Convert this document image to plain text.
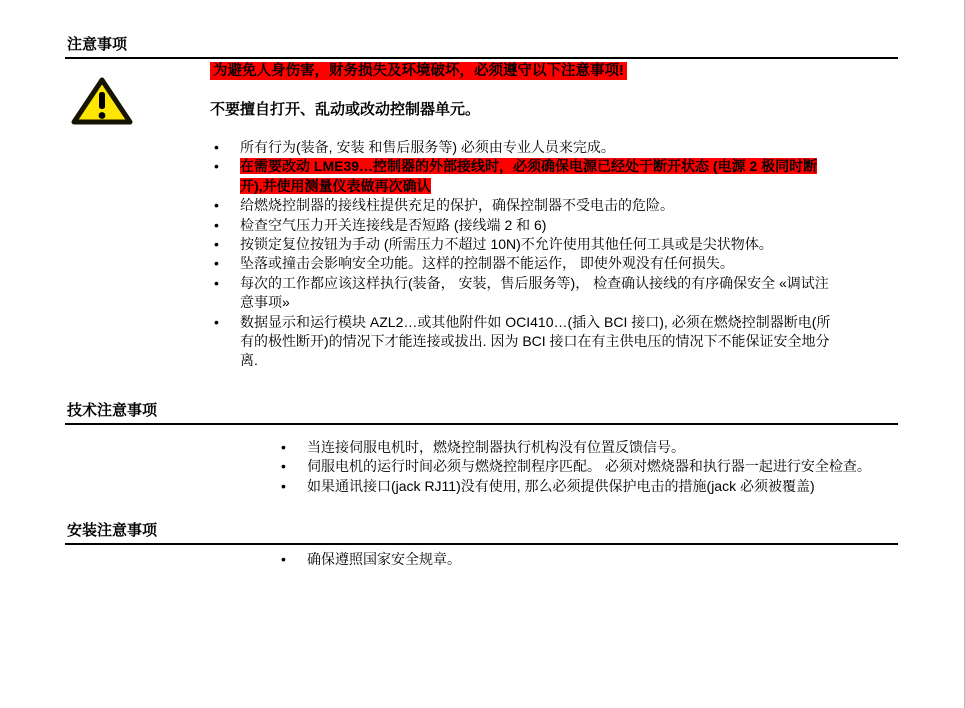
注意事项
为避免人身伤害，财务损失及环境破坏，必须遵守以下注意事项!

不要擅自打开、乱动或改动控制器单元。

• 所有行为(装备, 安装 和售后服务等) 必须由专业人员来完成。
• 在需要改动 LME39…控制器的外部接线时，必须确保电源已经处于断开状态 (电源 2 极同时断开),并使用测量仪表做再次确认
• 给燃烧控制器的接线柱提供充足的保护，确保控制器不受电击的危险。
• 检查空气压力开关连接线是否短路 (接线端 2 和 6)
• 按锁定复位按钮为手动 (所需压力不超过 10N)不允许使用其他任何工具或是尖状物体。
• 坠落或撞击会影响安全功能。这样的控制器不能运作， 即使外观没有任何损失。
• 每次的工作都应该这样执行(装备， 安装，售后服务等)， 检查确认接线的有序确保安全 «调试注意事项»
• 数据显示和运行模块 AZL2…或其他附件如 OCI410…(插入 BCI 接口), 必须在燃烧控制器断电(所有的极性断开)的情况下才能连接或拔出. 因为 BCI 接口在有主供电压的情况下不能保证安全地分离.
技术注意事项
• 当连接伺服电机时，燃烧控制器执行机构没有位置反馈信号。
• 伺服电机的运行时间必须与燃烧控制程序匹配。 必须对燃烧器和执行器一起进行安全检查。
• 如果通讯接口(jack RJ11)没有使用, 那么必须提供保护电击的措施(jack 必须被覆盖)
安装注意事项
• 确保遵照国家安全规章。
